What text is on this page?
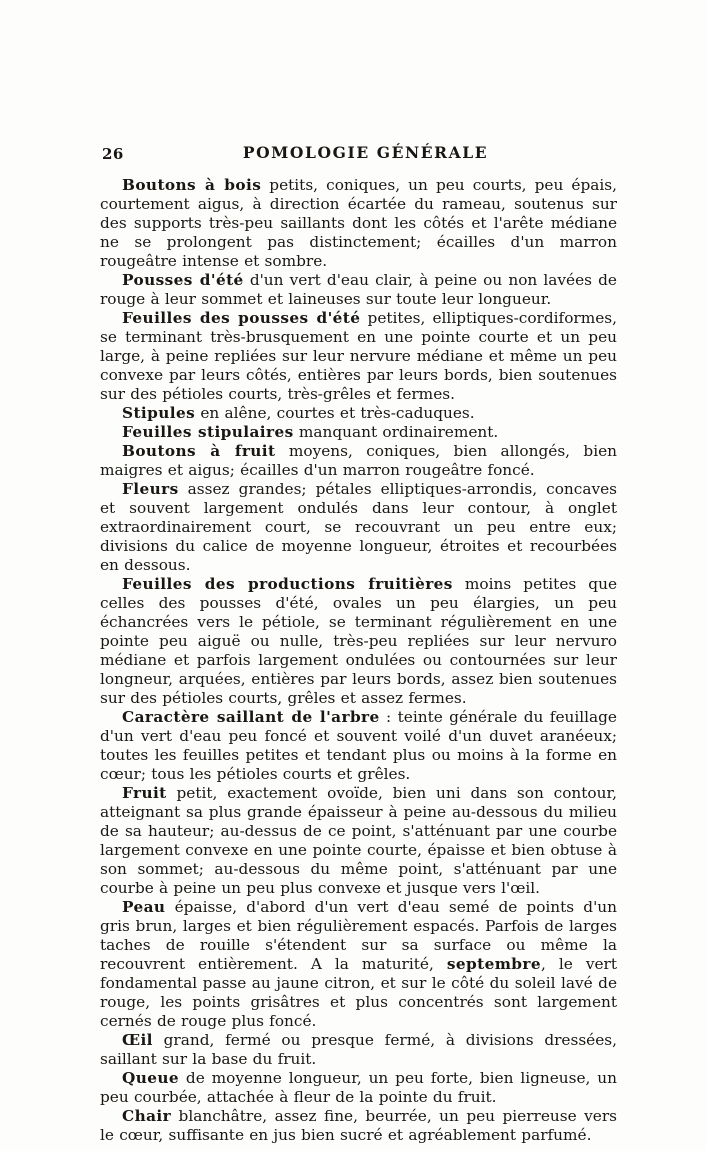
26	POMOLOGIE GÉNÉRALE

Boutons à bois petits, coniques, un peu courts, peu épais, courtement aigus, à direction écartée du rameau, soutenus sur des supports très-peu saillants dont les côtés et l'arête médiane ne se prolongent pas distinctement; écailles d'un marron rougeâtre intense et sombre.

Pousses d'été d'un vert d'eau clair, à peine ou non lavées de rouge à leur sommet et laineuses sur toute leur longueur.

Feuilles des pousses d'été petites, elliptiques-cordiformes, se terminant très-brusquement en une pointe courte et un peu large, à peine repliées sur leur nervure médiane et même un peu convexe par leurs côtés, entières par leurs bords, bien soutenues sur des pétioles courts, très-grêles et fermes.

Stipules en alêne, courtes et très-caduques.

Feuilles stipulaires manquant ordinairement.

Boutons à fruit moyens, coniques, bien allongés, bien maigres et aigus; écailles d'un marron rougeâtre foncé.

Fleurs assez grandes; pétales elliptiques-arrondis, concaves et souvent largement ondulés dans leur contour, à onglet extraordinairement court, se recouvrant un peu entre eux; divisions du calice de moyenne longueur, étroites et recourbées en dessous.

Feuilles des productions fruitières moins petites que celles des pousses d'été, ovales un peu élargies, un peu échancrées vers le pétiole, se terminant régulièrement en une pointe peu aiguë ou nulle, très-peu repliées sur leur nervuro médiane et parfois largement ondulées ou contournées sur leur longneur, arquées, entières par leurs bords, assez bien soutenues sur des pétioles courts, grêles et assez fermes.

Caractère saillant de l'arbre : teinte générale du feuillage d'un vert d'eau peu foncé et souvent voilé d'un duvet aranéeux; toutes les feuilles petites et tendant plus ou moins à la forme en cœur; tous les pétioles courts et grêles.

Fruit petit, exactement ovoïde, bien uni dans son contour, atteignant sa plus grande épaisseur à peine au-dessous du milieu de sa hauteur; au-dessus de ce point, s'atténuant par une courbe largement convexe en une pointe courte, épaisse et bien obtuse à son sommet; au-dessous du même point, s'atténuant par une courbe à peine un peu plus convexe et jusque vers l'œil.

Peau épaisse, d'abord d'un vert d'eau semé de points d'un gris brun, larges et bien régulièrement espacés. Parfois de larges taches de rouille s'étendent sur sa surface ou même la recouvrent entièrement. A la maturité, septembre, le vert fondamental passe au jaune citron, et sur le côté du soleil lavé de rouge, les points grisâtres et plus concentrés sont largement cernés de rouge plus foncé.

Œil grand, fermé ou presque fermé, à divisions dressées, saillant sur la base du fruit.

Queue de moyenne longueur, un peu forte, bien ligneuse, un peu courbée, attachée à fleur de la pointe du fruit.

Chair blanchâtre, assez fine, beurrée, un peu pierreuse vers le cœur, suffisante en jus bien sucré et agréablement parfumé.
